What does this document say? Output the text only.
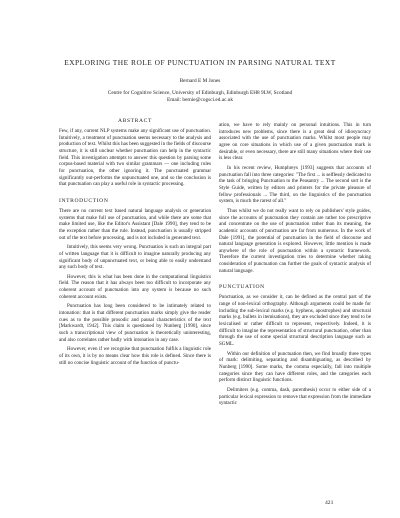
EXPLORING THE ROLE OF PUNCTUATION IN PARSING NATURAL TEXT
Bernard E M Jones
Centre for Cognitive Science, University of Edinburgh, Edinburgh EH8 9LW, Scotland
Email: bernie@cogsci.ed.ac.uk
ABSTRACT

Few, if any, current NLP systems make any significant use of punctuation. Intuitively, a treatment of punctuation seems necessary to the analysis and production of text. Whilst this has been suggested in the fields of discourse structure, it is still unclear whether punctuation can help in the syntactic field. This investigation attempts to answer this question by parsing some corpus-based material with two similar grammars — one including rules for punctuation, the other ignoring it. The punctuated grammar significantly out-performs the unpunctuated one, and so the conclusion is that punctuation can play a useful role in syntactic processing.

INTRODUCTION

There are no current text based natural language analysis or generation systems that make full use of punctuation, and while there are some that make limited use, like the Editor's Assistant [Dale 1990], they tend to be the exception rather than the rule. Instead, punctuation is usually stripped out of the text before processing, and is not included in generated text.

Intuitively, this seems very wrong. Punctuation is such an integral part of written language that it is difficult to imagine naturally producing any significant body of unpunctuated text, or being able to easily understand any such body of text.

However, this is what has been done in the computational linguistics field. The reason that it has always been too difficult to incorporate any coherent account of punctuation into any system is because no such coherent account exists.

Punctuation has long been considered to be intimately related to intonation: that is that different punctuation marks simply give the reader cues as to the possible prosodic and pausal characteristics of the text [Markwardt, 1942]. This claim is questioned by Nunberg [1990], since such a transcriptional view of punctuation is theoretically uninteresting, and also correlates rather badly with intonation in any case.

However, even if we recognise that punctuation fulfils a linguistic role of its own, it is by no means clear how this role is defined. Since there is still no concise linguistic account of the function of punctu-

ation, we have to rely mainly on personal intuitions. This in turn introduces new problems, since there is a great deal of idiosyncracy associated with the use of punctuation marks. Whilst most people may agree on core situations in which use of a given punctuation mark is desirable, or even necessary, there are still many situations where their use is less clear.

In his recent review, Humphreys [1993] suggests that accounts of punctuation fall into three categories: "The first ... is selflessly dedicated to the task of bringing Punctuation to the Peasantry ... The second sort is the Style Guide, written by editors and printers for the private pleasure of fellow professionals ... The third, on the linguistics of the punctuation system, is much the rarest of all."

Thus whilst we do not really want to rely on publishers' style guides, since the accounts of punctuation they contain are rather too prescriptive and concentrate on the use of punctuation rather than its meaning, the academic accounts of punctuation are far from numerous. In the work of Dale [1991], the potential of punctuation in the field of discourse and natural language generation is explored. However, little mention is made anywhere of the role of punctuation within a syntactic framework. Therefore the current investigation tries to determine whether taking consideration of punctuation can further the goals of syntactic analysis of natural language.

PUNCTUATION

Punctuation, as we consider it, can be defined as the central part of the range of non-lexical orthography. Although arguments could be made for including the sub-lexical marks (e.g. hyphens, apostrophes) and structural marks (e.g. bullets in itemisations), they are excluded since they tend to be lexicalised or rather difficult to represent, respectively. Indeed, it is difficult to imagine the representation of structural punctuation, other than through the use of some special structural description language such as SGML.

Within our definition of punctuation then, we find broadly three types of mark: delimiting, separating and disambiguating, as described by Nunberg [1990]. Some marks, the comma especially, fall into multiple categories since they can have different roles, and the categories each perform distinct linguistic functions.

Delimiters (e.g. comma, dash, parenthesis) occur to either side of a particular lexical expression to remove that expression from the immediate syntactic

421
